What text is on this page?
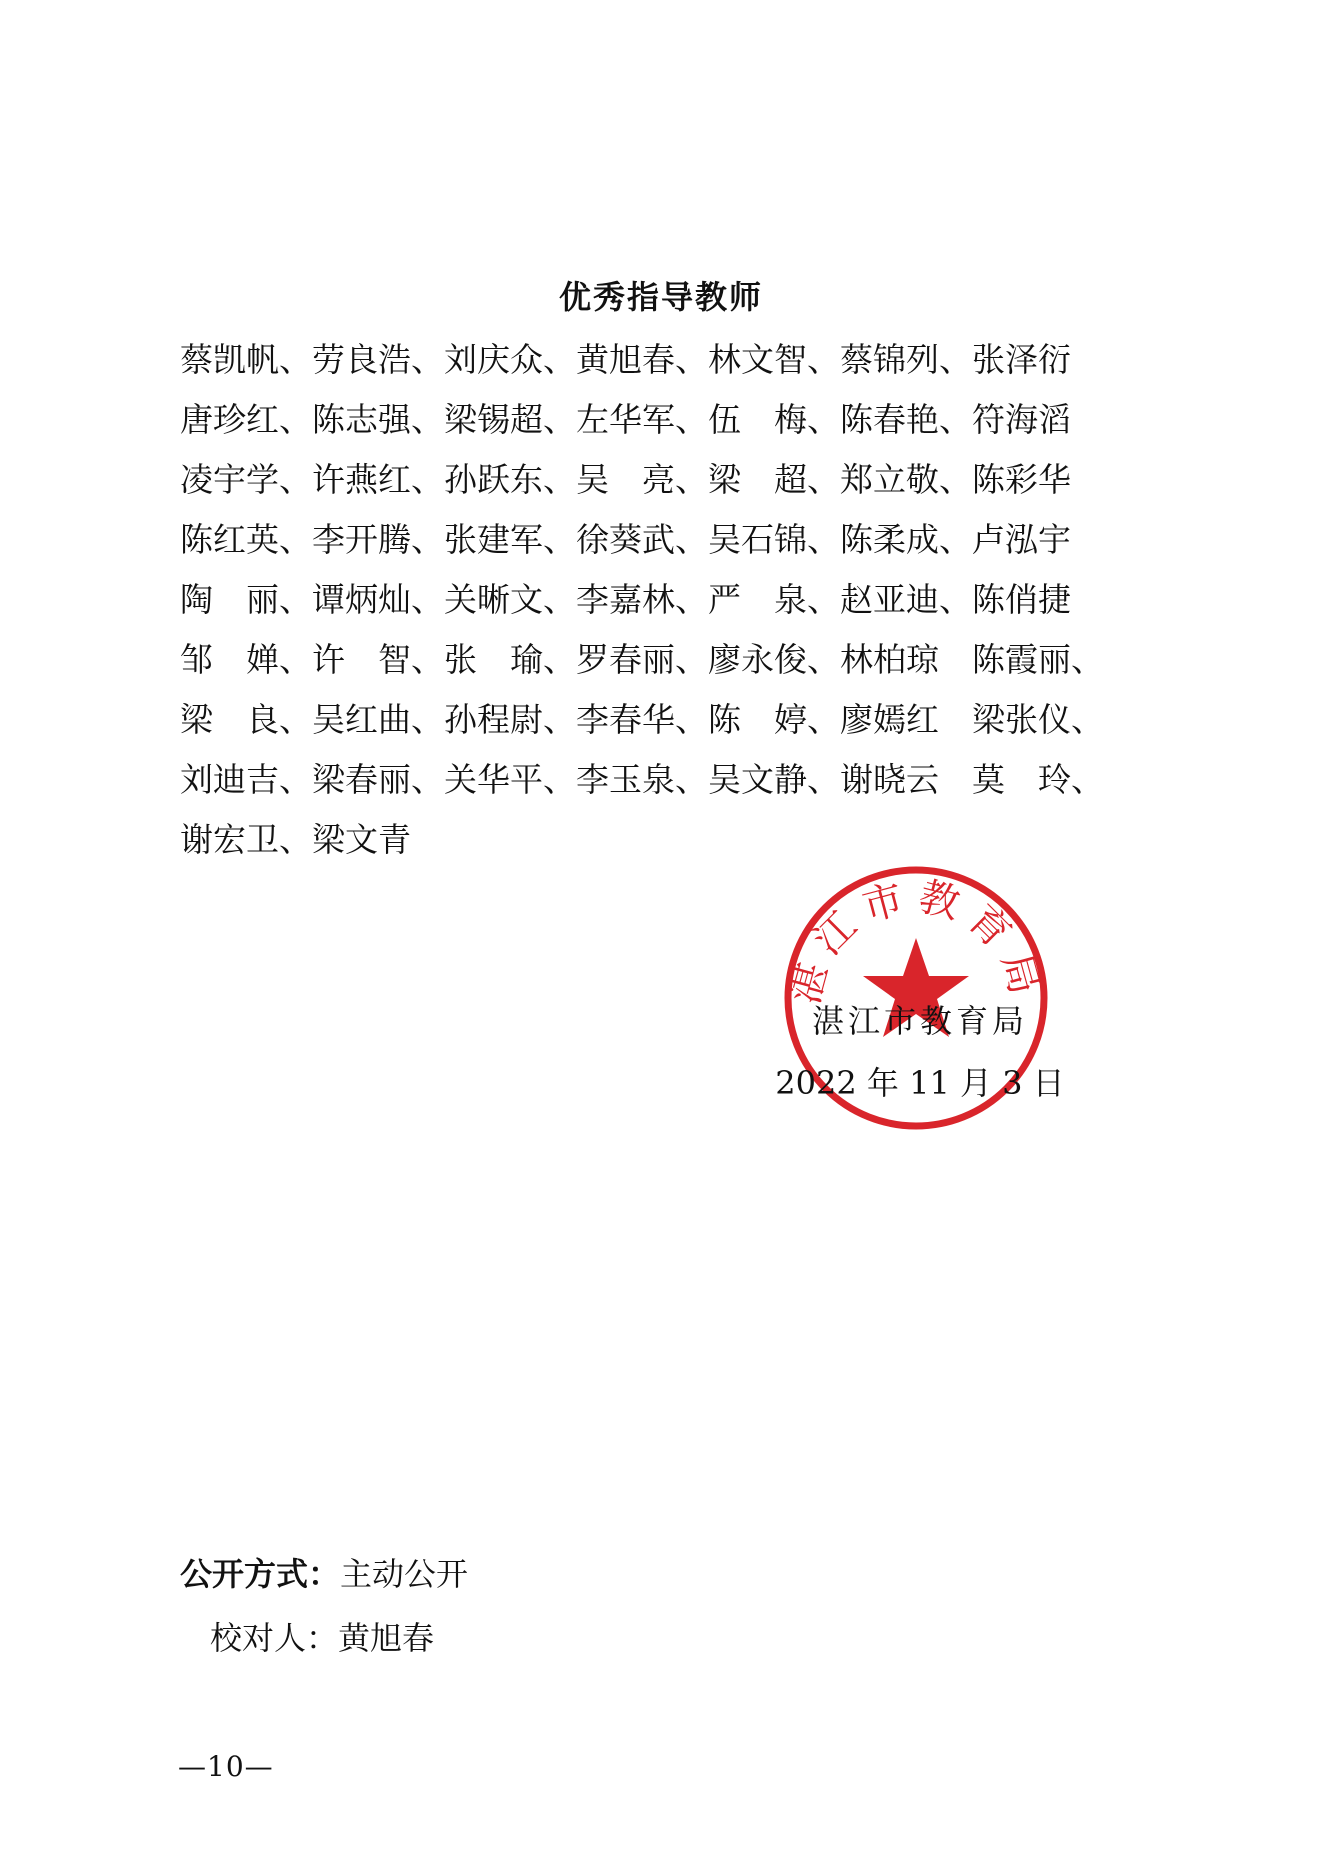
优秀指导教师
蔡凯帆、劳良浩、刘庆众、黄旭春、林文智、蔡锦列、张泽衍
唐珍红、陈志强、梁锡超、左华军、伍　梅、陈春艳、符海滔
凌宇学、许燕红、孙跃东、吴　亮、梁　超、郑立敬、陈彩华
陈红英、李开腾、张建军、徐葵武、吴石锦、陈柔成、卢泓宇
陶　丽、谭炳灿、关晰文、李嘉林、严　泉、赵亚迪、陈俏捷
邹　婵、许　智、张　瑜、罗春丽、廖永俊、林柏琼　陈霞丽、
梁　良、吴红曲、孙程尉、李春华、陈　婷、廖嫣红　梁张仪、
刘迪吉、梁春丽、关华平、李玉泉、吴文静、谢晓云　莫　玲、
谢宏卫、梁文青
湛江市教育局
湛江市教育局
2022 年 11 月 3 日
公开方式：主动公开
校对人：黄旭春
—10—
